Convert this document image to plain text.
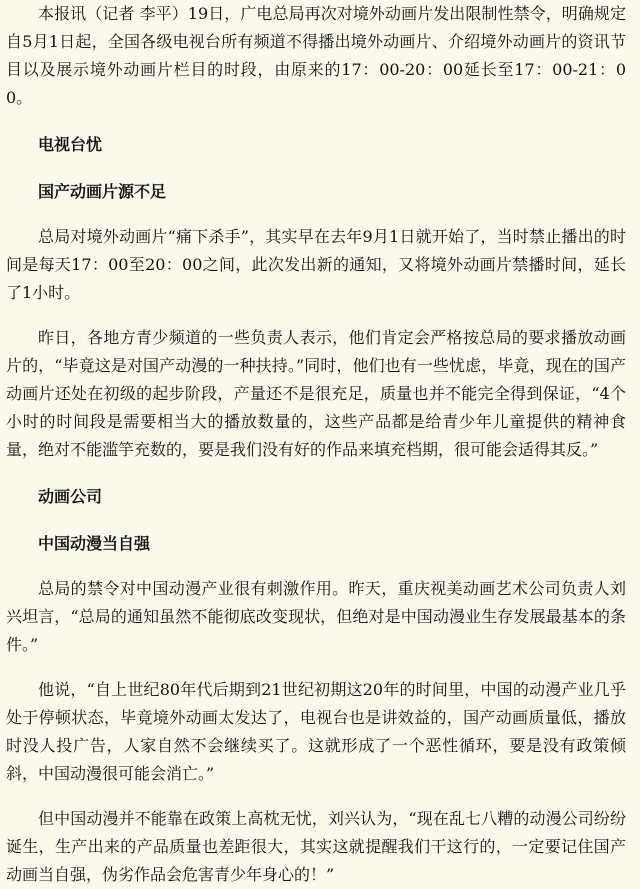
本报讯（记者 李平）19日，广电总局再次对境外动画片发出限制性禁令，明确规定自5月1日起，全国各级电视台所有频道不得播出境外动画片、介绍境外动画片的资讯节目以及展示境外动画片栏目的时段，由原来的17：00-20：00延长至17：00-21：00。

电视台忧
国产动画片源不足

总局对境外动画片“痛下杀手”，其实早在去年9月1日就开始了，当时禁止播出的时间是每天17：00至20：00之间，此次发出新的通知，又将境外动画片禁播时间，延长了1小时。

昨日，各地方青少频道的一些负责人表示，他们肯定会严格按总局的要求播放动画片的，“毕竟这是对国产动漫的一种扶持。”同时，他们也有一些忧虑，毕竟，现在的国产动画片还处在初级的起步阶段，产量还不是很充足，质量也并不能完全得到保证，“4个小时的时间段是需要相当大的播放数量的，这些产品都是给青少年儿童提供的精神食量，绝对不能滥竽充数的，要是我们没有好的作品来填充档期，很可能会适得其反。”

动画公司
中国动漫当自强

总局的禁令对中国动漫产业很有刺激作用。昨天，重庆视美动画艺术公司负责人刘兴坦言，“总局的通知虽然不能彻底改变现状，但绝对是中国动漫业生存发展最基本的条件。”

他说，“自上世纪80年代后期到21世纪初期这20年的时间里，中国的动漫产业几乎处于停顿状态，毕竟境外动画太发达了，电视台也是讲效益的，国产动画质量低，播放时没人投广告，人家自然不会继续买了。这就形成了一个恶性循环，要是没有政策倾斜，中国动漫很可能会消亡。”

但中国动漫并不能靠在政策上高枕无忧，刘兴认为，“现在乱七八糟的动漫公司纷纷诞生，生产出来的产品质量也差距很大，其实这就提醒我们干这行的，一定要记住国产动画当自强，伪劣作品会危害青少年身心的！”
